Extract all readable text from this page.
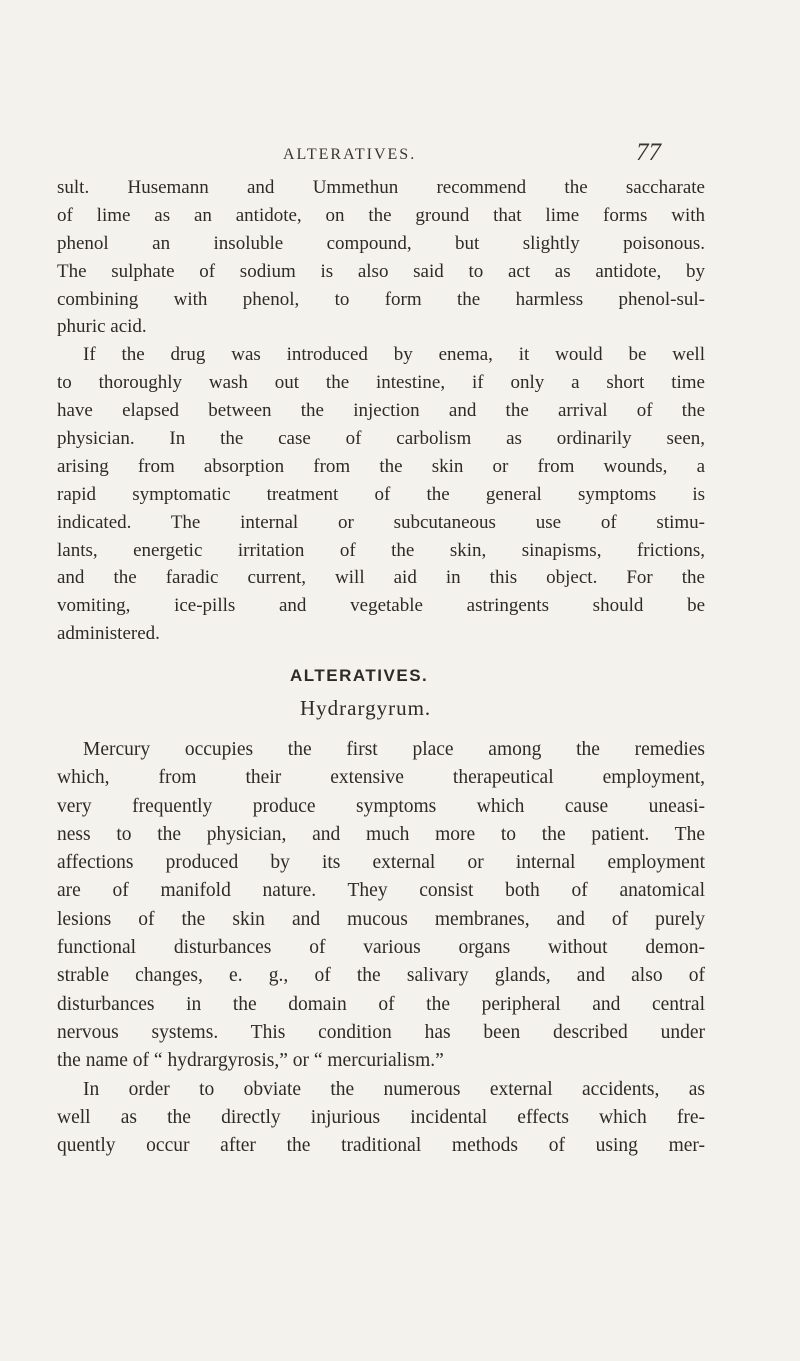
ALTERATIVES.	77
sult. Husemann and Ummethun recommend the saccharate
of lime as an antidote, on the ground that lime forms with
phenol an insoluble compound, but slightly poisonous.
The sulphate of sodium is also said to act as antidote, by
combining with phenol, to form the harmless phenol-sul-
phuric acid.
If the drug was introduced by enema, it would be well
to thoroughly wash out the intestine, if only a short time
have elapsed between the injection and the arrival of the
physician. In the case of carbolism as ordinarily seen,
arising from absorption from the skin or from wounds, a
rapid symptomatic treatment of the general symptoms is
indicated. The internal or subcutaneous use of stimu-
lants, energetic irritation of the skin, sinapisms, frictions,
and the faradic current, will aid in this object. For the
vomiting, ice-pills and vegetable astringents should be
administered.
ALTERATIVES.
Hydrargyrum.
Mercury occupies the first place among the remedies
which, from their extensive therapeutical employment,
very frequently produce symptoms which cause uneasi-
ness to the physician, and much more to the patient. The
affections produced by its external or internal employment
are of manifold nature. They consist both of anatomical
lesions of the skin and mucous membranes, and of purely
functional disturbances of various organs without demon-
strable changes, e. g., of the salivary glands, and also of
disturbances in the domain of the peripheral and central
nervous systems. This condition has been described under
the name of “ hydrargyrosis,” or “ mercurialism.”
In order to obviate the numerous external accidents, as
well as the directly injurious incidental effects which fre-
quently occur after the traditional methods of using mer-
